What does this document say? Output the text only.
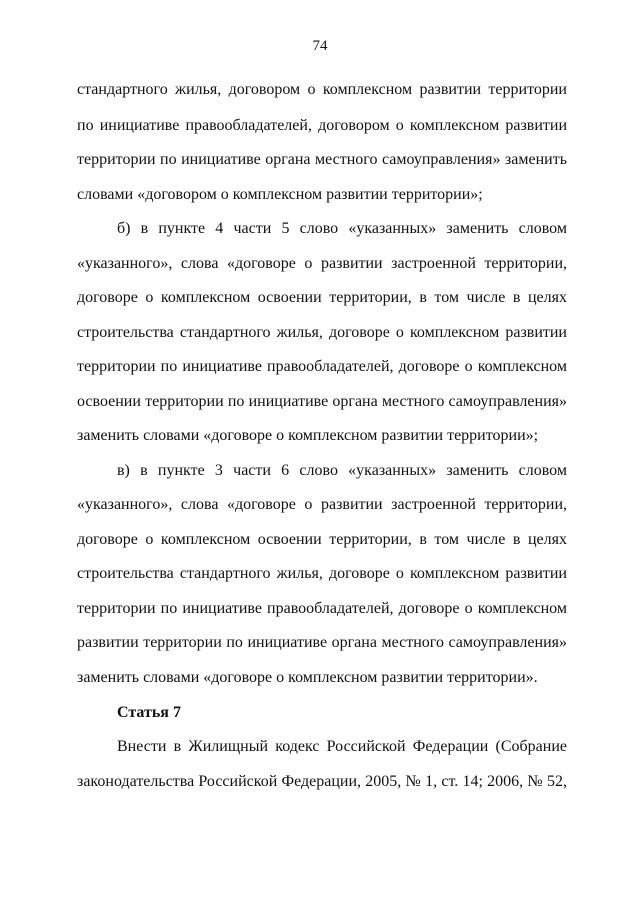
74
стандартного жилья, договором о комплексном развитии территории
по инициативе правообладателей, договором о комплексном развитии
территории по инициативе органа местного самоуправления» заменить
словами «договором о комплексном развитии территории»;
б) в пункте 4 части 5 слово «указанных» заменить словом
«указанного», слова «договоре о развитии застроенной территории,
договоре о комплексном освоении территории, в том числе в целях
строительства стандартного жилья, договоре о комплексном развитии
территории по инициативе правообладателей, договоре о комплексном
освоении территории по инициативе органа местного самоуправления»
заменить словами «договоре о комплексном развитии территории»;
в) в пункте 3 части 6 слово «указанных» заменить словом
«указанного», слова «договоре о развитии застроенной территории,
договоре о комплексном освоении территории, в том числе в целях
строительства стандартного жилья, договоре о комплексном развитии
территории по инициативе правообладателей, договоре о комплексном
развитии территории по инициативе органа местного самоуправления»
заменить словами «договоре о комплексном развитии территории».
Статья 7
Внести в Жилищный кодекс Российской Федерации (Собрание
законодательства Российской Федерации, 2005, № 1, ст. 14; 2006, № 52,
